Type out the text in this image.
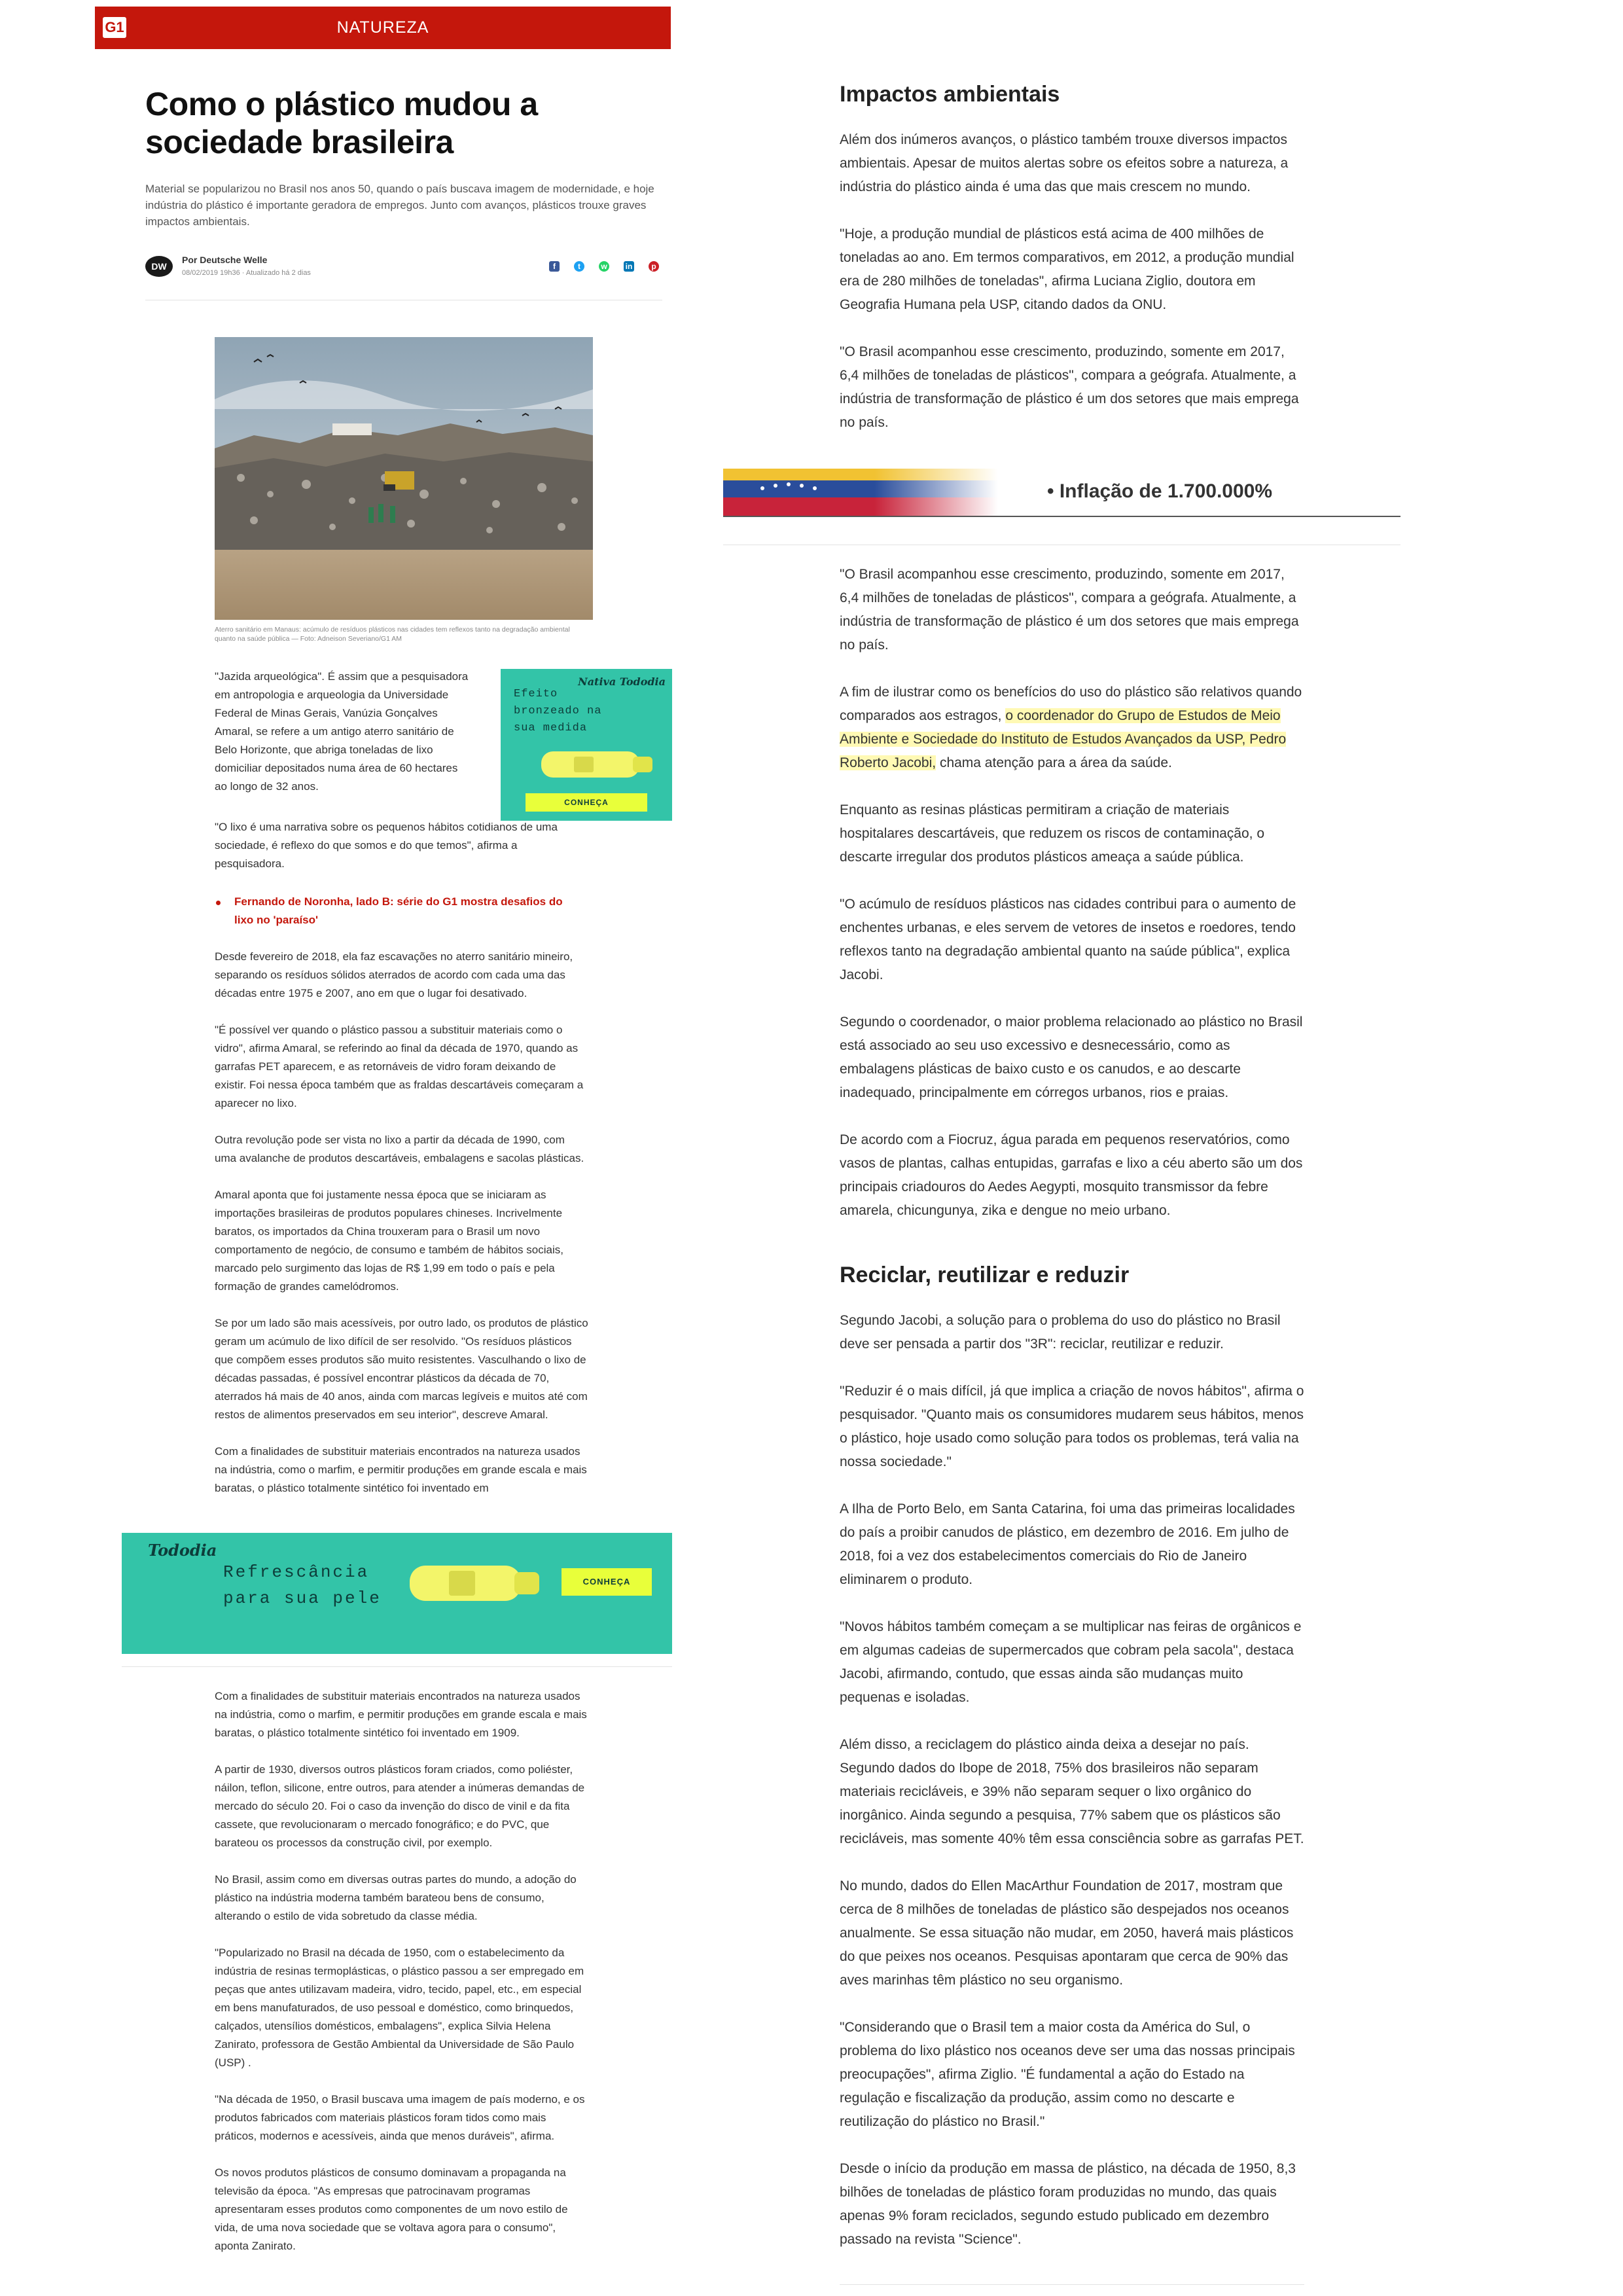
G1	NATUREZA
Como o plástico mudou a sociedade brasileira

Material se popularizou no Brasil nos anos 50, quando o país buscava imagem de modernidade, e hoje indústria do plástico é importante geradora de empregos. Junto com avanços, plásticos trouxe graves impactos ambientais.

DW
Por Deutsche Welle
08/02/2019 19h36 · Atualizado há 2 dias
f	t	w in	p
Aterro sanitário em Manaus: acúmulo de resíduos plásticos nas cidades tem reflexos tanto na degradação ambiental quanto na saúde pública — Foto: Adneison Severiano/G1 AM
Nativa Tododia
Efeito bronzeado na sua medida
CONHEÇA

"Jazida arqueológica". É assim que a pesquisadora em antropologia e arqueologia da Universidade Federal de Minas Gerais, Vanúzia Gonçalves Amaral, se refere a um antigo aterro sanitário de Belo Horizonte, que abriga toneladas de lixo domiciliar depositados numa área de 60 hectares ao longo de 32 anos.

"O lixo é uma narrativa sobre os pequenos hábitos cotidianos de uma sociedade, é reflexo do que somos e do que temos", afirma a pesquisadora.

Fernando de Noronha, lado B: série do G1 mostra desafios do lixo no 'paraíso'

Desde fevereiro de 2018, ela faz escavações no aterro sanitário mineiro, separando os resíduos sólidos aterrados de acordo com cada uma das décadas entre 1975 e 2007, ano em que o lugar foi desativado.

"É possível ver quando o plástico passou a substituir materiais como o vidro", afirma Amaral, se referindo ao final da década de 1970, quando as garrafas PET aparecem, e as retornáveis de vidro foram deixando de existir. Foi nessa época também que as fraldas descartáveis começaram a aparecer no lixo.

Outra revolução pode ser vista no lixo a partir da década de 1990, com uma avalanche de produtos descartáveis, embalagens e sacolas plásticas.

Amaral aponta que foi justamente nessa época que se iniciaram as importações brasileiras de produtos populares chineses. Incrivelmente baratos, os importados da China trouxeram para o Brasil um novo comportamento de negócio, de consumo e também de hábitos sociais, marcado pelo surgimento das lojas de R$ 1,99 em todo o país e pela formação de grandes camelódromos.

Se por um lado são mais acessíveis, por outro lado, os produtos de plástico geram um acúmulo de lixo difícil de ser resolvido. "Os resíduos plásticos que compõem esses produtos são muito resistentes. Vasculhando o lixo de décadas passadas, é possível encontrar plásticos da década de 70, aterrados há mais de 40 anos, ainda com marcas legíveis e muitos até com restos de alimentos preservados em seu interior", descreve Amaral.

Com a finalidades de substituir materiais encontrados na natureza usados na indústria, como o marfim, e permitir produções em grande escala e mais baratas, o plástico totalmente sintético foi inventado em

Tododia
Refrescância para sua pele
CONHEÇA

Com a finalidades de substituir materiais encontrados na natureza usados na indústria, como o marfim, e permitir produções em grande escala e mais baratas, o plástico totalmente sintético foi inventado em 1909.

A partir de 1930, diversos outros plásticos foram criados, como poliéster, náilon, teflon, silicone, entre outros, para atender a inúmeras demandas de mercado do século 20. Foi o caso da invenção do disco de vinil e da fita cassete, que revolucionaram o mercado fonográfico; e do PVC, que barateou os processos da construção civil, por exemplo.

No Brasil, assim como em diversas outras partes do mundo, a adoção do plástico na indústria moderna também barateou bens de consumo, alterando o estilo de vida sobretudo da classe média.

"Popularizado no Brasil na década de 1950, com o estabelecimento da indústria de resinas termoplásticas, o plástico passou a ser empregado em peças que antes utilizavam madeira, vidro, tecido, papel, etc., em especial em bens manufaturados, de uso pessoal e doméstico, como brinquedos, calçados, utensílios domésticos, embalagens", explica Silvia Helena Zanirato, professora de Gestão Ambiental da Universidade de São Paulo (USP) .

"Na década de 1950, o Brasil buscava uma imagem de país moderno, e os produtos fabricados com materiais plásticos foram tidos como mais práticos, modernos e acessíveis, ainda que menos duráveis", afirma.

Os novos produtos plásticos de consumo dominavam a propaganda na televisão da época. "As empresas que patrocinavam programas apresentaram esses produtos como componentes de um novo estilo de vida, de uma nova sociedade que se voltava agora para o consumo", aponta Zanirato.

Impactos ambientais

Além dos inúmeros avanços, o plástico também trouxe diversos impactos ambientais. Apesar de muitos alertas sobre os efeitos sobre a natureza, a indústria do plástico ainda é uma das que mais crescem no mundo.

"Hoje, a produção mundial de plásticos está acima de 400 milhões de toneladas ao ano. Em termos comparativos, em 2012, a produção mundial era de 280 milhões de toneladas", afirma Luciana Ziglio, doutora em Geografia Humana pela USP, citando dados da ONU.

"O Brasil acompanhou esse crescimento, produzindo, somente em 2017, 6,4 milhões de toneladas de plásticos", compara a geógrafa. Atualmente, a indústria de transformação de plástico é um dos setores que mais emprega no país.

• Inflação de 1.700.000%

"O Brasil acompanhou esse crescimento, produzindo, somente em 2017, 6,4 milhões de toneladas de plásticos", compara a geógrafa. Atualmente, a indústria de transformação de plástico é um dos setores que mais emprega no país.

A fim de ilustrar como os benefícios do uso do plástico são relativos quando comparados aos estragos, o coordenador do Grupo de Estudos de Meio Ambiente e Sociedade do Instituto de Estudos Avançados da USP, Pedro Roberto Jacobi, chama atenção para a área da saúde.

Enquanto as resinas plásticas permitiram a criação de materiais hospitalares descartáveis, que reduzem os riscos de contaminação, o descarte irregular dos produtos plásticos ameaça a saúde pública.

"O acúmulo de resíduos plásticos nas cidades contribui para o aumento de enchentes urbanas, e eles servem de vetores de insetos e roedores, tendo reflexos tanto na degradação ambiental quanto na saúde pública", explica Jacobi.

Segundo o coordenador, o maior problema relacionado ao plástico no Brasil está associado ao seu uso excessivo e desnecessário, como as embalagens plásticas de baixo custo e os canudos, e ao descarte inadequado, principalmente em córregos urbanos, rios e praias.

De acordo com a Fiocruz, água parada em pequenos reservatórios, como vasos de plantas, calhas entupidas, garrafas e lixo a céu aberto são um dos principais criadouros do Aedes Aegypti, mosquito transmissor da febre amarela, chicungunya, zika e dengue no meio urbano.

Reciclar, reutilizar e reduzir

Segundo Jacobi, a solução para o problema do uso do plástico no Brasil deve ser pensada a partir dos "3R": reciclar, reutilizar e reduzir.

"Reduzir é o mais difícil, já que implica a criação de novos hábitos", afirma o pesquisador. "Quanto mais os consumidores mudarem seus hábitos, menos o plástico, hoje usado como solução para todos os problemas, terá valia na nossa sociedade."

A Ilha de Porto Belo, em Santa Catarina, foi uma das primeiras localidades do país a proibir canudos de plástico, em dezembro de 2016. Em julho de 2018, foi a vez dos estabelecimentos comerciais do Rio de Janeiro eliminarem o produto.

"Novos hábitos também começam a se multiplicar nas feiras de orgânicos e em algumas cadeias de supermercados que cobram pela sacola", destaca Jacobi, afirmando, contudo, que essas ainda são mudanças muito pequenas e isoladas.

Além disso, a reciclagem do plástico ainda deixa a desejar no país. Segundo dados do Ibope de 2018, 75% dos brasileiros não separam materiais recicláveis, e 39% não separam sequer o lixo orgânico do inorgânico. Ainda segundo a pesquisa, 77% sabem que os plásticos são recicláveis, mas somente 40% têm essa consciência sobre as garrafas PET.

No mundo, dados do Ellen MacArthur Foundation de 2017, mostram que cerca de 8 milhões de toneladas de plástico são despejados nos oceanos anualmente. Se essa situação não mudar, em 2050, haverá mais plásticos do que peixes nos oceanos. Pesquisas apontaram que cerca de 90% das aves marinhas têm plástico no seu organismo.

"Considerando que o Brasil tem a maior costa da América do Sul, o problema do lixo plástico nos oceanos deve ser uma das nossas principais preocupações", afirma Ziglio. "É fundamental a ação do Estado na regulação e fiscalização da produção, assim como no descarte e reutilização do plástico no Brasil."

Desde o início da produção em massa de plástico, na década de 1950, 8,3 bilhões de toneladas de plástico foram produzidas no mundo, das quais apenas 9% foram reciclados, segundo estudo publicado em dezembro passado na revista "Science".
